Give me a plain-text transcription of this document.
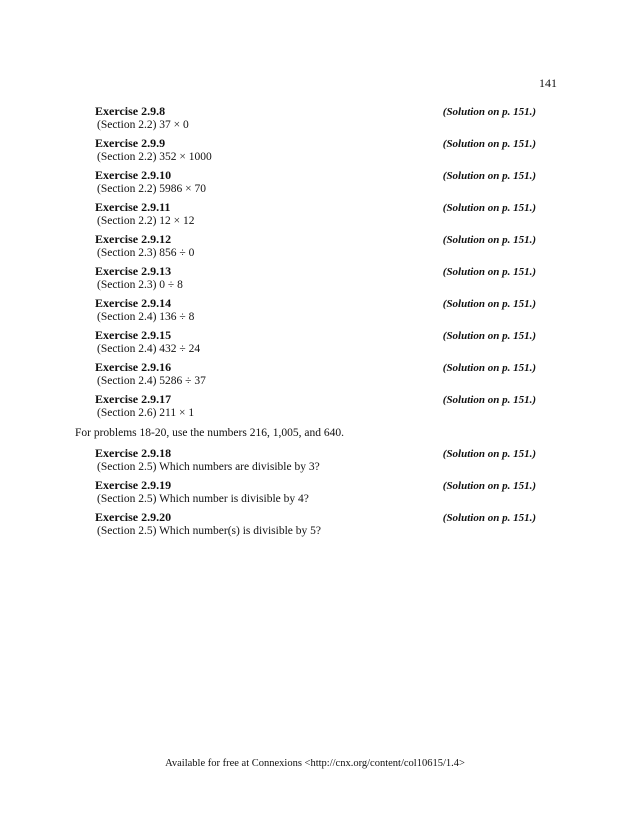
141
Exercise 2.9.8	(Solution on p. 151.)
(Section 2.2) 37 × 0
Exercise 2.9.9	(Solution on p. 151.)
(Section 2.2) 352 × 1000
Exercise 2.9.10	(Solution on p. 151.)
(Section 2.2) 5986 × 70
Exercise 2.9.11	(Solution on p. 151.)
(Section 2.2) 12 × 12
Exercise 2.9.12	(Solution on p. 151.)
(Section 2.3) 856 ÷ 0
Exercise 2.9.13	(Solution on p. 151.)
(Section 2.3) 0 ÷ 8
Exercise 2.9.14	(Solution on p. 151.)
(Section 2.4) 136 ÷ 8
Exercise 2.9.15	(Solution on p. 151.)
(Section 2.4) 432 ÷ 24
Exercise 2.9.16	(Solution on p. 151.)
(Section 2.4) 5286 ÷ 37
Exercise 2.9.17	(Solution on p. 151.)
(Section 2.6) 211 × 1
For problems 18-20, use the numbers 216, 1,005, and 640.
Exercise 2.9.18	(Solution on p. 151.)
(Section 2.5) Which numbers are divisible by 3?
Exercise 2.9.19	(Solution on p. 151.)
(Section 2.5) Which number is divisible by 4?
Exercise 2.9.20	(Solution on p. 151.)
(Section 2.5) Which number(s) is divisible by 5?
Available for free at Connexions <http://cnx.org/content/col10615/1.4>
